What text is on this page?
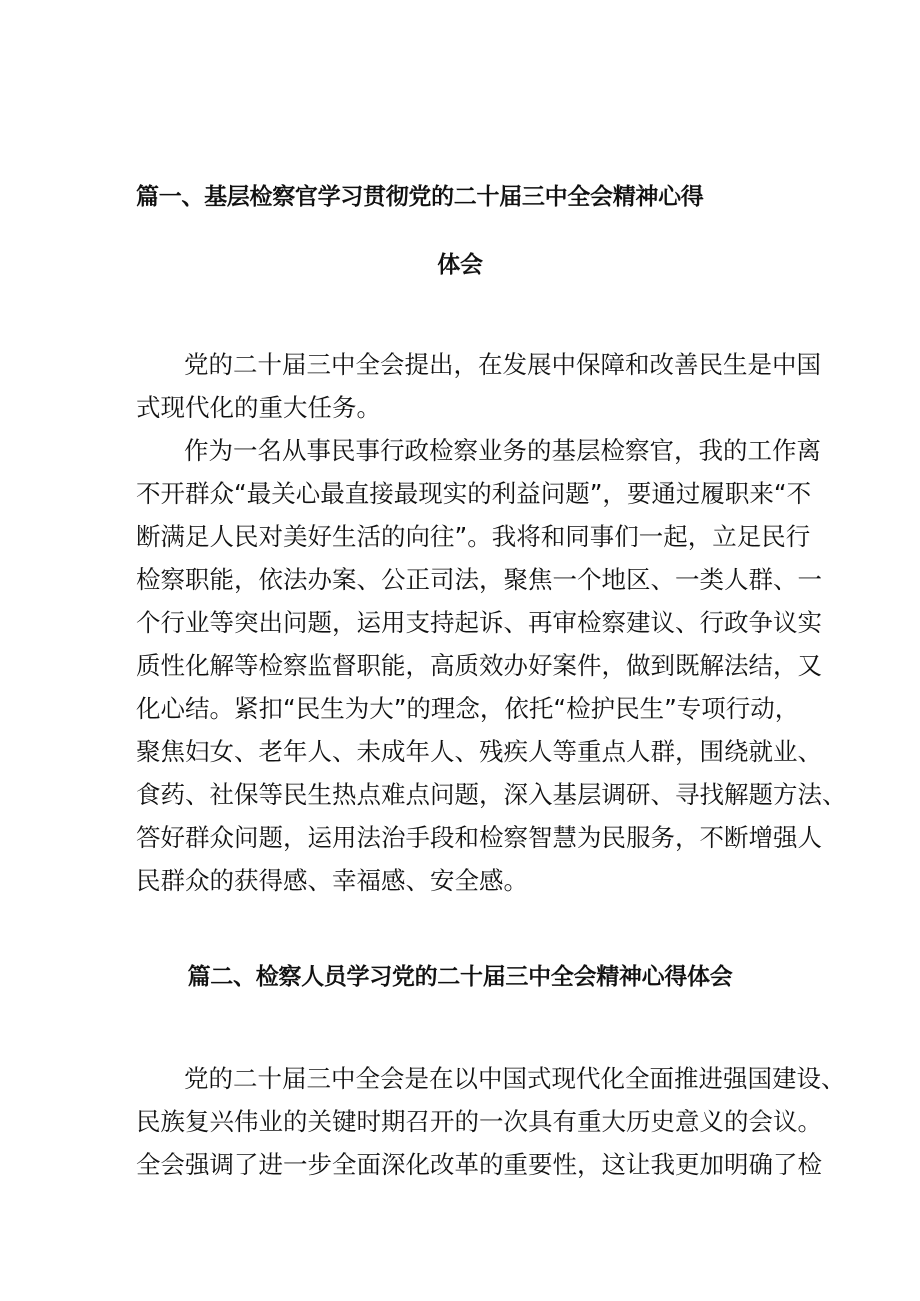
篇一、基层检察官学习贯彻党的二十届三中全会精神心得
体会
党的二十届三中全会提出，在发展中保障和改善民生是中国
式现代化的重大任务。
作为一名从事民事行政检察业务的基层检察官，我的工作离
不开群众“最关心最直接最现实的利益问题”，要通过履职来“不
断满足人民对美好生活的向往”。我将和同事们一起，立足民行
检察职能，依法办案、公正司法，聚焦一个地区、一类人群、一
个行业等突出问题，运用支持起诉、再审检察建议、行政争议实
质性化解等检察监督职能，高质效办好案件，做到既解法结，又
化心结。紧扣“民生为大”的理念，依托“检护民生”专项行动，
聚焦妇女、老年人、未成年人、残疾人等重点人群，围绕就业、
食药、社保等民生热点难点问题，深入基层调研、寻找解题方法、
答好群众问题，运用法治手段和检察智慧为民服务，不断增强人
民群众的获得感、幸福感、安全感。
篇二、检察人员学习党的二十届三中全会精神心得体会
党的二十届三中全会是在以中国式现代化全面推进强国建设、
民族复兴伟业的关键时期召开的一次具有重大历史意义的会议。
全会强调了进一步全面深化改革的重要性，这让我更加明确了检
